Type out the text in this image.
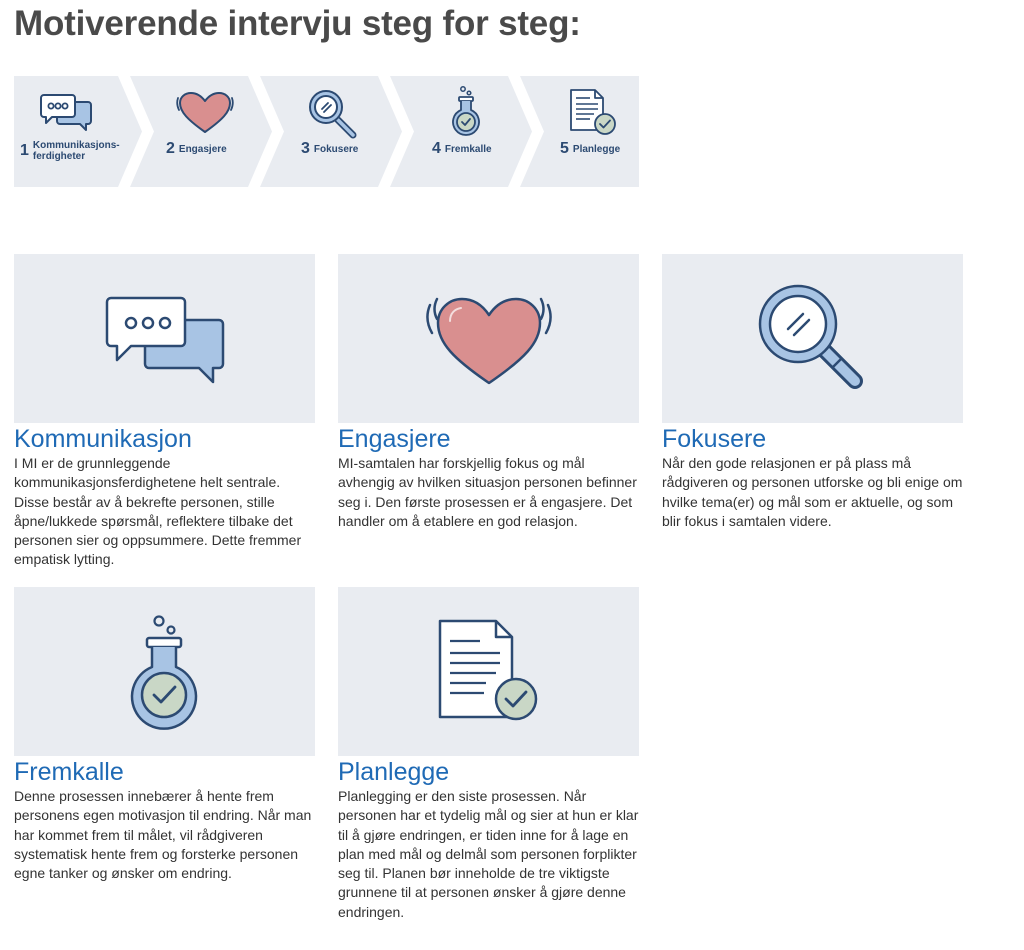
Motiverende intervju steg for steg:
1 Kommunikasjons-
ferdigheter	2 Engasjere	3 Fokusere	4 Fremkalle	5 Planlegge
Kommunikasjon

I MI er de grunnleggende kommunikasjonsferdighetene helt sentrale. Disse består av å bekrefte personen, stille åpne/lukkede spørsmål, reflektere tilbake det personen sier og oppsummere. Dette fremmer empatisk lytting.

Engasjere

MI-samtalen har forskjellig fokus og mål avhengig av hvilken situasjon personen befinner seg i. Den første prosessen er å engasjere. Det handler om å etablere en god relasjon.

Fokusere

Når den gode relasjonen er på plass må rådgiveren og personen utforske og bli enige om hvilke tema(er) og mål som er aktuelle, og som blir fokus i samtalen videre.

Fremkalle

Denne prosessen innebærer å hente frem personens egen motivasjon til endring. Når man har kommet frem til målet, vil rådgiveren systematisk hente frem og forsterke personen egne tanker og ønsker om endring.

Planlegge

Planlegging er den siste prosessen. Når personen har et tydelig mål og sier at hun er klar til å gjøre endringen, er tiden inne for å lage en plan med mål og delmål som personen forplikter seg til. Planen bør inneholde de tre viktigste grunnene til at personen ønsker å gjøre denne endringen.
